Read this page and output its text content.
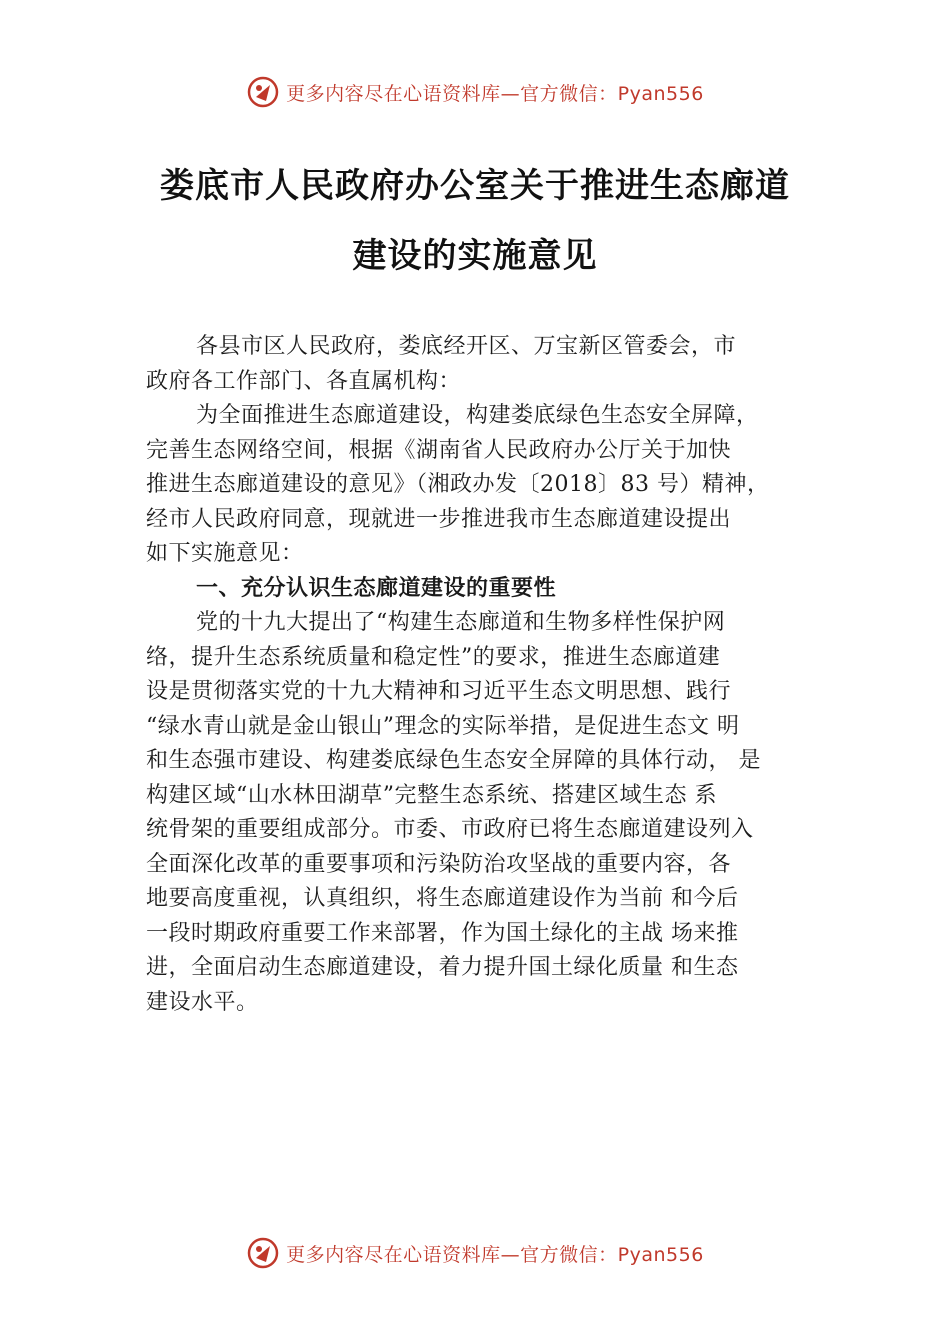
更多内容尽在心语资料库—官方微信：Pyan556
娄底市人民政府办公室关于推进生态廊道
建设的实施意见
各县市区人民政府，娄底经开区、万宝新区管委会，市
政府各工作部门、各直属机构：
为全面推进生态廊道建设，构建娄底绿色生态安全屏障，
完善生态网络空间，根据《湖南省人民政府办公厅关于加快
推进生态廊道建设的意见》（湘政办发〔2018〕83 号）精神，
经市人民政府同意，现就进一步推进我市生态廊道建设提出
如下实施意见：
一、充分认识生态廊道建设的重要性
党的十九大提出了“构建生态廊道和生物多样性保护网
络，提升生态系统质量和稳定性”的要求，推进生态廊道建
设是贯彻落实党的十九大精神和习近平生态文明思想、践行
“绿水青山就是金山银山”理念的实际举措，是促进生态文 明
和生态强市建设、构建娄底绿色生态安全屏障的具体行动， 是
构建区域“山水林田湖草”完整生态系统、搭建区域生态 系
统骨架的重要组成部分。市委、市政府已将生态廊道建设列入
全面深化改革的重要事项和污染防治攻坚战的重要内容，各
地要高度重视，认真组织，将生态廊道建设作为当前 和今后
一段时期政府重要工作来部署，作为国土绿化的主战 场来推
进，全面启动生态廊道建设，着力提升国土绿化质量 和生态
建设水平。
更多内容尽在心语资料库—官方微信：Pyan556
